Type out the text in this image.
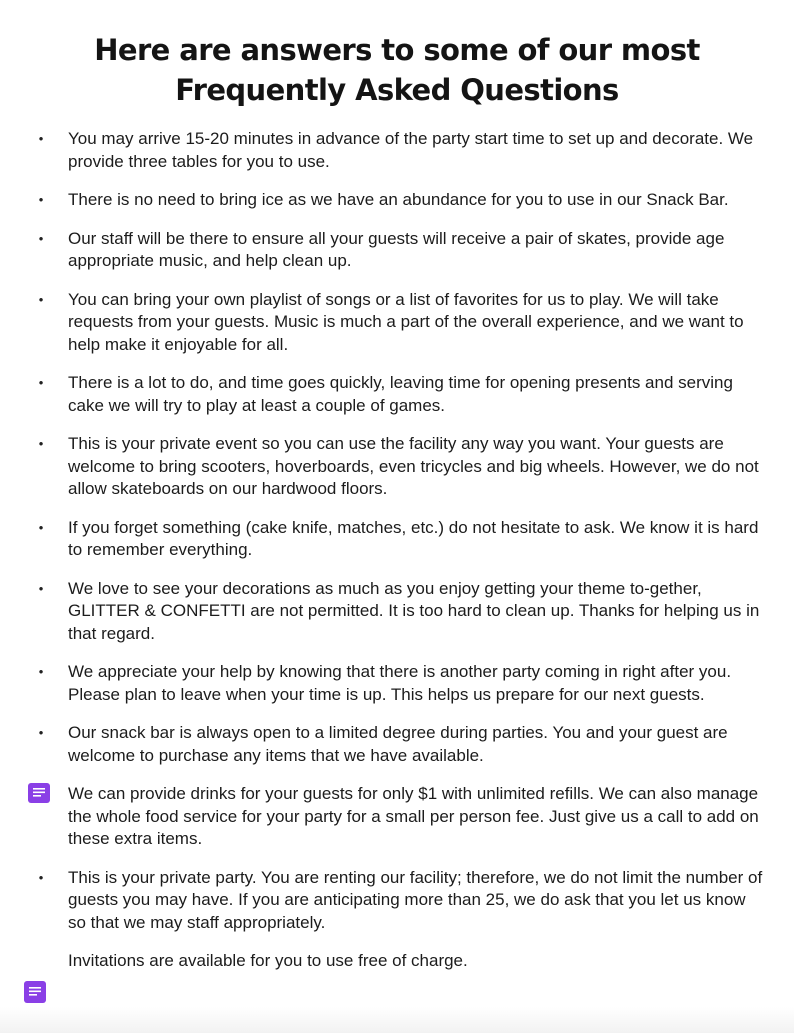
Here are answers to some of our most
Frequently Asked Questions
• You may arrive 15-20 minutes in advance of the party start time to set up and decorate. We provide three tables for you to use.
• There is no need to bring ice as we have an abundance for you to use in our Snack Bar.
• Our staff will be there to ensure all your guests will receive a pair of skates, provide age appropriate music, and help clean up.
• You can bring your own playlist of songs or a list of favorites for us to play. We will take requests from your guests. Music is much a part of the overall experience, and we want to help make it enjoyable for all.
• There is a lot to do, and time goes quickly, leaving time for opening presents and serving cake we will try to play at least a couple of games.
• This is your private event so you can use the facility any way you want. Your guests are welcome to bring scooters, hoverboards, even tricycles and big wheels. However, we do not allow skateboards on our hardwood floors.
• If you forget something (cake knife, matches, etc.) do not hesitate to ask. We know it is hard to remember everything.
• We love to see your decorations as much as you enjoy getting your theme to-gether, GLITTER & CONFETTI are not permitted. It is too hard to clean up. Thanks for helping us in that regard.
• We appreciate your help by knowing that there is another party coming in right after you. Please plan to leave when your time is up. This helps us prepare for our next guests.
• Our snack bar is always open to a limited degree during parties. You and your guest are welcome to purchase any items that we have available.
We can provide drinks for your guests for only $1 with unlimited refills. We can also manage the whole food service for your party for a small per person fee. Just give us a call to add on these extra items.
• This is your private party. You are renting our facility; therefore, we do not limit the number of guests you may have. If you are anticipating more than 25, we do ask that you let us know so that we may staff appropriately.
Invitations are available for you to use free of charge.
